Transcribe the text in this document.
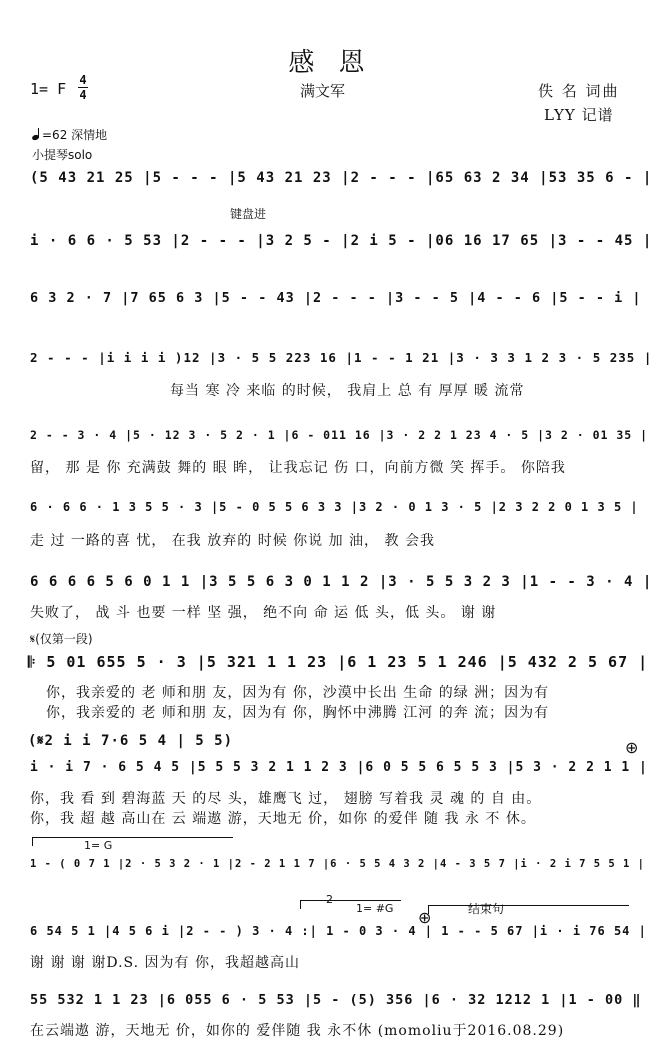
感 恩
1= F 4
4	满文军	佚 名 词曲
LYY 记谱
=62 深情地
小提琴solo
键盘进
𝄋(仅第一段)
(𝄋2 i i 7·6 5 4 | 5 5)	⊕
1= G
2
1= #G	结束句
⊕
(5 43 21 25 |5 - - - |5 43 21 23 |2 - - - |65 63 2 34 |53 35 6 - |
i · 6 6 · 5 53 |2 - - - |3 2 5 - |2 i 5 - |06 16 17 65 |3 - - 45 |
6 3 2 · 7 |7 65 6 3 |5 - - 43 |2 - - - |3 - - 5 |4 - - 6 |5 - - i |
2 - - - |i i i i )12 |3 · 5 5 223 16 |1 - - 1 21 |3 · 3 3 1 2 3 · 5 235 |
每当 寒 冷 来临 的时候， 我肩上 总 有 厚厚 暖 流常
2 - - 3 · 4 |5 · 12 3 · 5 2 · 1 |6 - 011 16 |3 · 2 2 1 23 4 · 5 |3 2 · 01 35 |
留， 那 是 你 充满鼓 舞的 眼 眸， 让我忘记 伤 口，向前方微 笑 挥手。 你陪我
6 · 6 6 · 1 3 5 5 · 3 |5 - 0 5 5 6 3 3 |3 2 · 0 1 3 · 5 |2 3 2 2 0 1 3 5 |
走 过 一路的喜 忧， 在我 放弃的 时候 你说 加 油， 教 会我
6 6 6 6 5 6 0 1 1 |3 5 5 6 3 0 1 1 2 |3 · 5 5 3 2 3 |1 - - 3 · 4 |
失败了， 战 斗 也要 一样 坚 强， 绝不向 命 运 低 头，低 头。 谢 谢
𝄆 5 01 655 5 · 3 |5 321 1 1 23 |6 1 23 5 1 246 |5 432 2 5 67 |
你，我亲爱的 老 师和朋 友，因为有 你，沙漠中长出 生命 的绿 洲；因为有
你，我亲爱的 老 师和朋 友，因为有 你，胸怀中沸腾 江河 的奔 流；因为有
i · i 7 · 6 5 4 5 |5 5 5 3 2 1 1 2 3 |6 0 5 5 6 5 5 3 |5 3 · 2 2 1 1 |
你，我 看 到 碧海蓝 天 的尽 头，雄鹰飞 过， 翅膀 写着我 灵 魂 的 自 由。
你，我 超 越 高山在 云 端遨 游，天地无 价，如你 的爱伴 随 我 永 不 休。
1 - ( 0 7 1 |2 · 5 3 2 · 1 |2 - 2 1 1 7 |6 · 5 5 4 3 2 |4 - 3 5 7 |i · 2 i 7 5 5 1 |
6 54 5 1 |4 5 6 i |2 - - ) 3 · 4 :| 1 - 0 3 · 4 | 1 - - 5 67 |i · i 76 54 |
谢 谢 谢 谢D.S. 因为有 你，我超越高山
55 532 1 1 23 |6 055 6 · 5 53 |5 - (5) 356 |6 · 32 1212 1 |1 - 00 ‖
在云端遨 游，天地无 价，如你的 爱伴随 我 永不休 (momoliu于2016.08.29)
